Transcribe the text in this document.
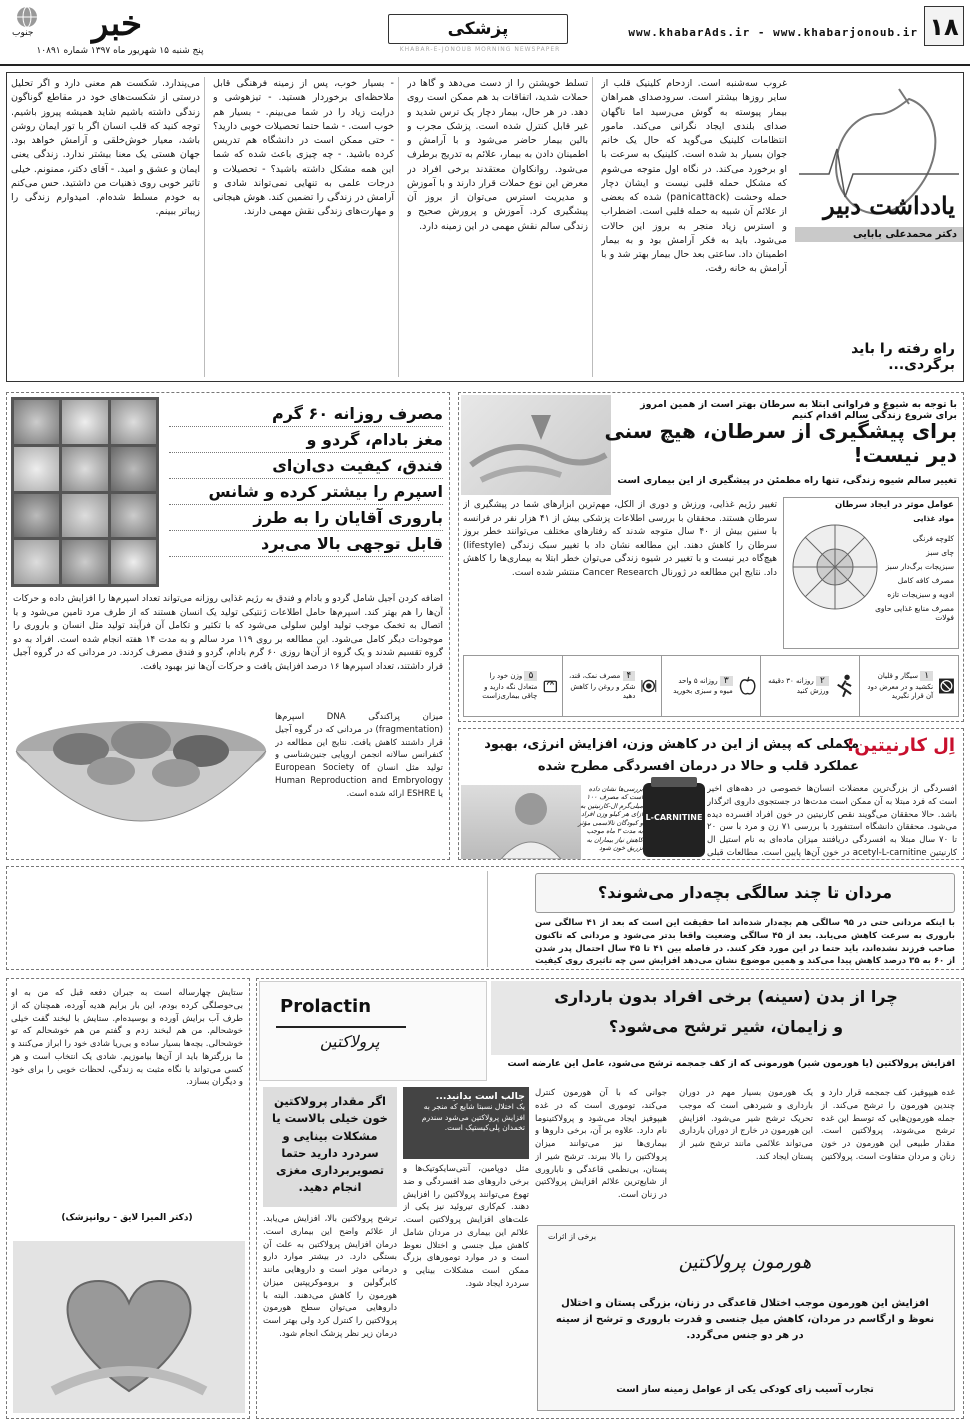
۱۸
www.khabarAds.ir - www.khabarjonoub.ir
پزشکی
KHABAR-E-JONOUB MORNING NEWSPAPER
خبر
جنوب
پنج شنبه ۱۵ شهریور ماه ۱۳۹۷ شماره ۱۰۸۹۱
یادداشت دبیر
دکتر محمدعلی بابایی
راه رفته را باید برگردی...
غروب سه‌شنبه است. ازدحام کلینیک قلب از سایر روزها بیشتر است. سرودصدای همراهان بیمار پیوسته به گوش می‌رسید اما ناگهان صدای بلندی ایجاد نگرانی می‌کند. مامور انتظامات کلینیک می‌گوید که حال یک خانم جوان بسیار بد شده است. کلینیک به سرعت با او برخورد می‌کند. در نگاه اول متوجه می‌شوم که مشکل حمله قلبی نیست و ایشان دچار حمله وحشت (panicattack) شده که بعضی از علائم آن شبیه به حمله قلبی است. اضطراب و استرس زیاد منجر به بروز این حالات می‌شود. باید به فکر آرامش بود و به بیمار اطمینان داد. ساعتی بعد حال بیمار بهتر شد و با آرامش به خانه رفت.
تسلط خویشتن را از دست می‌دهد و گاها در حملات شدید، اتفاقات بد هم ممکن است روی دهد. در هر حال، بیمار دچار یک ترس شدید و غیر قابل کنترل شده است. پزشک مجرب و بالین بیمار حاضر می‌شود و با آرامش و اطمینان دادن به بیمار، علائم به تدریج برطرف می‌شود. روانکاوان معتقدند برخی افراد در معرض این نوع حملات قرار دارند و با آموزش و مدیریت استرس می‌توان از بروز آن پیشگیری کرد. آموزش و پرورش صحیح و زندگی سالم نقش مهمی در این زمینه دارد.
- بسیار خوب، پس از زمینه فرهنگی قابل ملاحظه‌ای برخوردار هستید. - تیزهوشی و درایت زیاد را در شما می‌بینم. - بسیار هم خوب است. - شما حتما تحصیلات خوبی دارید؟ - حتی ممکن است در دانشگاه هم تدریس کرده باشید. - چه چیزی باعث شده که شما این همه مشکل داشته باشید؟ - تحصیلات و درجات علمی به تنهایی نمی‌تواند شادی و آرامش در زندگی را تضمین کند. هوش هیجانی و مهارت‌های زندگی نقش مهمی دارند.
می‌پندارد. شکست هم معنی دارد و اگر تحلیل درستی از شکست‌های خود در مقاطع گوناگون زندگی داشته باشیم شاید همیشه پیروز باشیم. توجه کنید که قلب انسان اگر با تور ایمان روشن باشد، معیار خوش‌خلقی و آرامش خواهد بود. جهان هستی یک معنا بیشتر ندارد. زندگی یعنی ایمان و عشق و امید. - آقای دکتر، ممنونم. خیلی تاثیر خوبی روی ذهنیات من داشتید. حس می‌کنم به خودم مسلط شده‌ام. امیدوارم زندگی را زیباتر ببینم.
با توجه به شیوع و فراوانی ابتلا به سرطان بهتر است از همین امروز برای شروع زندگی سالم اقدام کنیم
برای پیشگیری از سرطان، هیچ سنی دیر نیست!
تغییر سالم شیوه زندگی، تنها راه مطمئن در پیشگیری از این بیماری است
عوامل موثر در ایجاد سرطان
مواد غذایی
کلوچه فرنگی
چای سبز
سبزیجات برگ‌دار سبز
مصرف کافه کامل
ادویه و سبزیجات تازه
مصرف منابع غذایی حاوی فولات
تغییر رژیم غذایی، ورزش و دوری از الکل، مهم‌ترین ابزارهای شما در پیشگیری از سرطان هستند. محققان با بررسی اطلاعات پزشکی بیش از ۴۱ هزار نفر در فرانسه با سنین بیش از ۴۰ سال متوجه شدند که رفتارهای مختلف می‌توانند خطر بروز سرطان را کاهش دهند. این مطالعه نشان داد با تغییر سبک زندگی (lifestyle) هیچ‌گاه دیر نیست و با تغییر در شیوه زندگی می‌توان خطر ابتلا به بیماری‌ها را کاهش داد. نتایج این مطالعه در ژورنال Cancer Research منتشر شده است.
۱ سیگار و قلیان نکشید و در معرض دود آن قرار نگیرید
۲ روزانه ۳۰ دقیقه ورزش کنید
۳ روزانه ۵ واحد میوه و سبزی بخورید
۴ مصرف نمک، قند، شکر و روغن را کاهش دهید
۵ وزن خود را متعادل نگه دارید و چاقی بیماری‌زاست
مصرف روزانه ۶۰ گرم
مغز بادام، گردو و
فندق، کیفیت دی‌ان‌ای
اسپرم را بیشتر کرده و شانس
باروری آقایان را به طرز
قابل توجهی بالا می‌برد
اضافه کردن آجیل شامل گردو و بادام و فندق به رژیم غذایی روزانه می‌تواند تعداد اسپرم‌ها را افزایش داده و حرکات آن‌ها را هم بهتر کند. اسپرم‌ها حامل اطلاعات ژنتیکی تولید یک انسان هستند که از طرف مرد تامین می‌شود و با اتصال به تخمک موجب تولید اولین سلولی می‌شود که با تکثیر و تکامل آن فرآیند تولید مثل انسان و باروری را موجودات دیگر کامل می‌شود. این مطالعه بر روی ۱۱۹ مرد سالم و به مدت ۱۴ هفته انجام شده است. افراد به دو گروه تقسیم شدند و یک گروه از آن‌ها روزی ۶۰ گرم بادام، گردو و فندق مصرف کردند. در مردانی که در گروه آجیل قرار داشتند، تعداد اسپرم‌ها ۱۶ درصد افزایش یافت و حرکات آن‌ها نیز بهبود یافت.
میزان پراکندگی DNA اسپرم‌ها (fragmentation) در مردانی که در گروه آجیل قرار داشتند کاهش یافت. نتایج این مطالعه در کنفرانس سالانه انجمن اروپایی جنین‌شناسی و تولید مثل انسان European Society of Human Reproduction and Embryology یا ESHRE ارائه شده است.
اِل کارنیتین؛
مکملی که پیش از این در کاهش وزن، افزایش انرژی، بهبود
عملکرد قلب و حالا در درمان افسردگی مطرح شده
L-CARNITINE
بررسی‌ها نشان داده است که مصرف ۱۰۰ میلی‌گرم ال-کارنیتین به ازای هر کیلو وزن افراد و کبودگان تالاسمی مؤثر به مدت ۳ ماه موجب کاهش نیاز بیماران به تزریق خون شود
افسردگی از بزرگ‌ترین معضلات انسان‌ها خصوصی در دهه‌های اخیر است که فرد مبتلا به آن ممکن است مدت‌ها در جستجوی داروی اثرگذار باشد. حالا محققان می‌گویند نقص کارنیتین در خون افراد افسرده دیده می‌شود. محققان دانشگاه استنفورد با بررسی ۷۱ زن و مرد با سن ۲۰ تا ۷۰ سال مبتلا به افسردگی دریافتند میزان ماده‌ای به نام استیل ال کارنیتین acetyl-L-carnitine در خون آن‌ها پایین است. مطالعات قبلی
مردان تا چند سالگی بچه‌دار می‌شوند؟
با اینکه مردانی حتی در ۹۵ سالگی هم بچه‌دار شده‌اند اما حقیقت این است که بعد از ۴۱ سالگی سن باروری به سرعت کاهش می‌یابد. بعد از ۴۵ سالگی وضعیت واقعا بدتر می‌شود و مردانی که تاکنون صاحب فرزند نشده‌اند، باید حتما در این مورد فکر کنند. در فاصله بین ۴۱ تا ۴۵ سال احتمال پدر شدن از ۶۰ به ۳۵ درصد کاهش پیدا می‌کند و همین موضوع نشان می‌دهد افزایش سن چه تاثیری روی کیفیت
چرا از بدن (سینه) برخی افراد بدون بارداری
و زایمان، شیر ترشح می‌شود؟
Prolactin
پرولاکتین
افزایش پرولاکتین (یا هورمون شیر) هورمونی که از کف جمجمه ترشح می‌شود، عامل این عارضه است
اگر مقدار پرولاکتین خون خیلی بالاست یا مشکلات بینایی و سردرد دارید حتما تصویربرداری مغزی انجام دهید.
ترشح پرولاکتین بالا، افزایش می‌یابد. از علائم واضح این بیماری است. درمان افزایش پرولاکتین به علت آن بستگی دارد. در بیشتر موارد دارو درمانی موثر است و داروهایی مانند کابرگولین و بروموکریپتین میزان هورمون را کاهش می‌دهند. البته با داروهایی می‌توان سطح هورمون پرولاکتین را کنترل کرد ولی بهتر است درمان زیر نظر پزشک انجام شود.
جالب است بدانید...
یک اختلال نسبتا شایع که منجر به افزایش پرولاکتین می‌شود سندرم تخمدان پلی‌کیستیک است.
مثل دوپامین، آنتی‌سایکوتیک‌ها و برخی داروهای ضد افسردگی و ضد تهوع می‌توانند پرولاکتین را افزایش دهند. کم‌کاری تیروئید نیز یکی از علت‌های افزایش پرولاکتین است. علائم این بیماری در مردان شامل کاهش میل جنسی و اختلال نعوظ است و در موارد تومورهای بزرگ ممکن است مشکلات بینایی و سردرد ایجاد شود.
جوانی که با آن هورمون کنترل می‌کند، توموری است که در غده هیپوفیز ایجاد می‌شود و پرولاکتینوما نام دارد. علاوه بر آن، برخی داروها و بیماری‌ها نیز می‌توانند میزان پرولاکتین را بالا ببرند. ترشح شیر از پستان، بی‌نظمی قاعدگی و ناباروری از شایع‌ترین علائم افزایش پرولاکتین در زنان است.
غده هیپوفیز، کف جمجمه قرار دارد و چندین هورمون را ترشح می‌کند. از جمله هورمون‌هایی که توسط این غده ترشح می‌شوند، پرولاکتین است. مقدار طبیعی این هورمون در خون زنان و مردان متفاوت است. پرولاکتین یک هورمون بسیار مهم در دوران بارداری و شیردهی است که موجب تحریک ترشح شیر می‌شود. افزایش این هورمون در خارج از دوران بارداری می‌تواند علائمی مانند ترشح شیر از پستان ایجاد کند.
برخی از اثرات
هورمون پرولاکتین
افزایش این هورمون موجب اختلال قاعدگی در زنان، بزرگی پستان و اختلال نعوظ و ارگاسم در مردان، کاهش میل جنسی و قدرت باروری و ترشح از سینه در هر دو جنس می‌گردد.
تجارب آسیب زای کودکی یکی از عوامل زمینه ساز است
ستایش چهارساله است به جبران دفعه قبل که من به او بی‌حوصلگی کرده بودم، این بار برایم هدیه آورده، همچنان که از طرف آب برایش آورده و بوسیده‌ام. ستایش با لبخند گفت خیلی خوشحالم. من هم لبخند زدم و گفتم من هم خوشحالم که تو خوشحالی. بچه‌ها بسیار ساده و بی‌ریا شادی خود را ابراز می‌کنند و ما بزرگترها باید از آن‌ها بیاموزیم. شادی یک انتخاب است و هر کسی می‌تواند با نگاه مثبت به زندگی، لحظات خوبی را برای خود و دیگران بسازد.
(دکتر المیرا لایق - روانپزشک)
